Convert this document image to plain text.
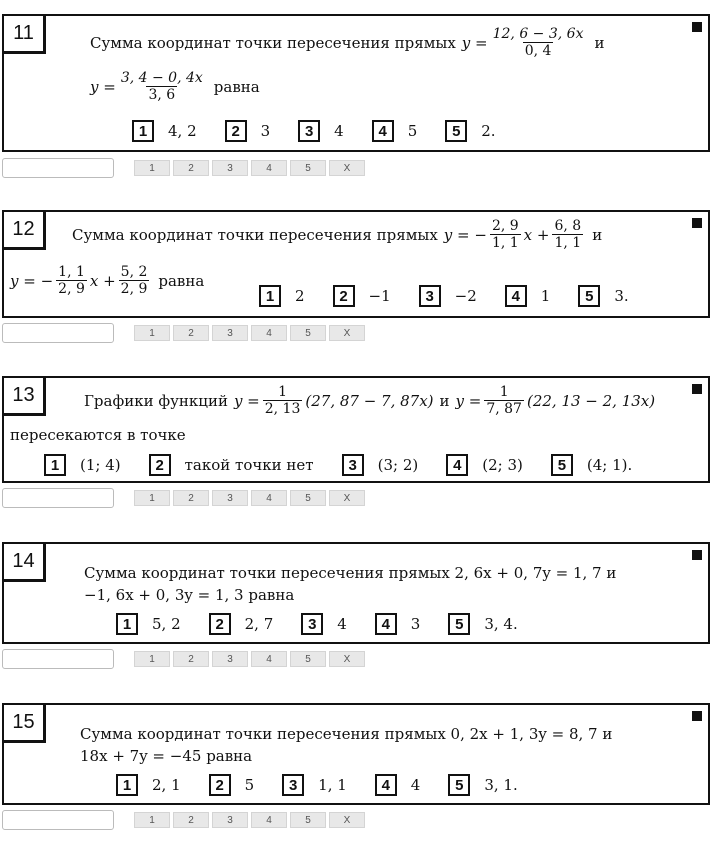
11	Сумма координат точки пересечения прямых $y = \frac{12, 6 - 3, 6x}{0, 4}$ и
$y = \frac{3, 4 - 0, 4x}{3, 6}$ равна
1	4, 2	2	3	3	4	4	5	5	2.
1	2	3	4	5	X
12	Сумма координат точки пересечения прямых y = − $\frac{2, 9}{1, 1}$ $x + \frac{6, 8}{1, 1}$ и
y = − $\frac{1, 1}{2, 9}$ $x + \frac{5, 2}{2, 9}$ равна
1	2	2	−1	3	−2	4	1	5	3.
1	2	3	4	5	X
13	Графики функций $y = \frac{1}{2, 13} (27$, 87 − 7, 87x) и $y = \frac{1}{7, 87} (22$, 13 − 2, 13x)
пересекаются в точке
1	(1; 4)	2	такой точки нет	3	(3; 2)	4	(2; 3)	5	(4; 1).
1	2	3	4	5	X
14
Сумма координат точки пересечения прямых 2, 6x + 0, 7y = 1, 7 и
−1, 6x + 0, 3y = 1, 3 равна
1	5, 2	2	2, 7	3	4	4	3	5	3, 4.
1	2	3	4	5	X
15
Сумма координат точки пересечения прямых 0, 2x + 1, 3y = 8, 7 и
18x + 7y = −45 равна
1	2, 1	2	5	3	1, 1	4	4	5	3, 1.
1	2	3	4	5	X
